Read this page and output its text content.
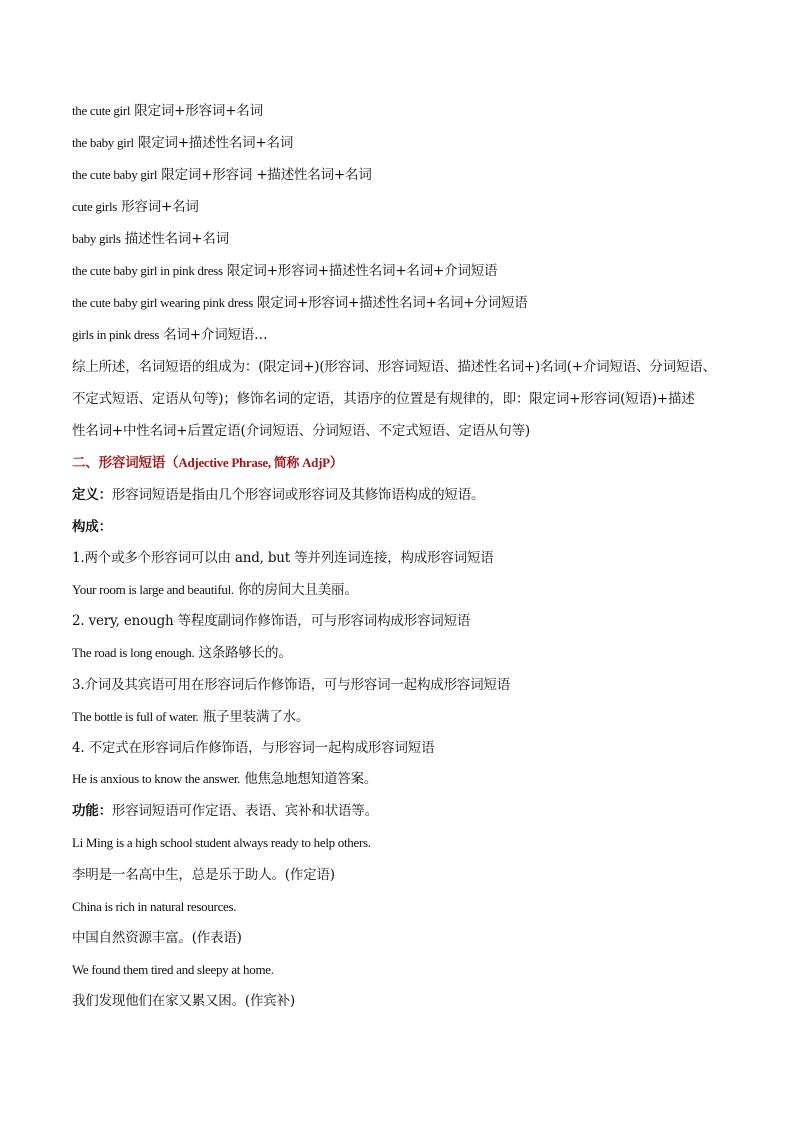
the cute girl 限定词+形容词+名词
the baby girl 限定词+描述性名词+名词
the cute baby girl 限定词+形容词 +描述性名词+名词
cute girls 形容词+名词
baby girls 描述性名词+名词
the cute baby girl in pink dress 限定词+形容词+描述性名词+名词+介词短语
the cute baby girl wearing pink dress 限定词+形容词+描述性名词+名词+分词短语
girls in pink dress 名词+介词短语…
综上所述，名词短语的组成为：(限定词+)(形容词、形容词短语、描述性名词+)名词(+介词短语、分词短语、
不定式短语、定语从句等)；修饰名词的定语，其语序的位置是有规律的，即：限定词+形容词(短语)+描述
性名词+中性名词+后置定语(介词短语、分词短语、不定式短语、定语从句等)
二、形容词短语（Adjective Phrase, 简称 AdjP）
定义：形容词短语是指由几个形容词或形容词及其修饰语构成的短语。
构成：
1.两个或多个形容词可以由 and, but 等并列连词连接，构成形容词短语
Your room is large and beautiful. 你的房间大且美丽。
2. very, enough 等程度副词作修饰语，可与形容词构成形容词短语
The road is long enough. 这条路够长的。
3.介词及其宾语可用在形容词后作修饰语，可与形容词一起构成形容词短语
The bottle is full of water. 瓶子里装满了水。
4. 不定式在形容词后作修饰语，与形容词一起构成形容词短语
He is anxious to know the answer. 他焦急地想知道答案。
功能：形容词短语可作定语、表语、宾补和状语等。
Li Ming is a high school student always ready to help others.
李明是一名高中生，总是乐于助人。(作定语)
China is rich in natural resources.
中国自然资源丰富。(作表语)
We found them tired and sleepy at home.
我们发现他们在家又累又困。(作宾补)
